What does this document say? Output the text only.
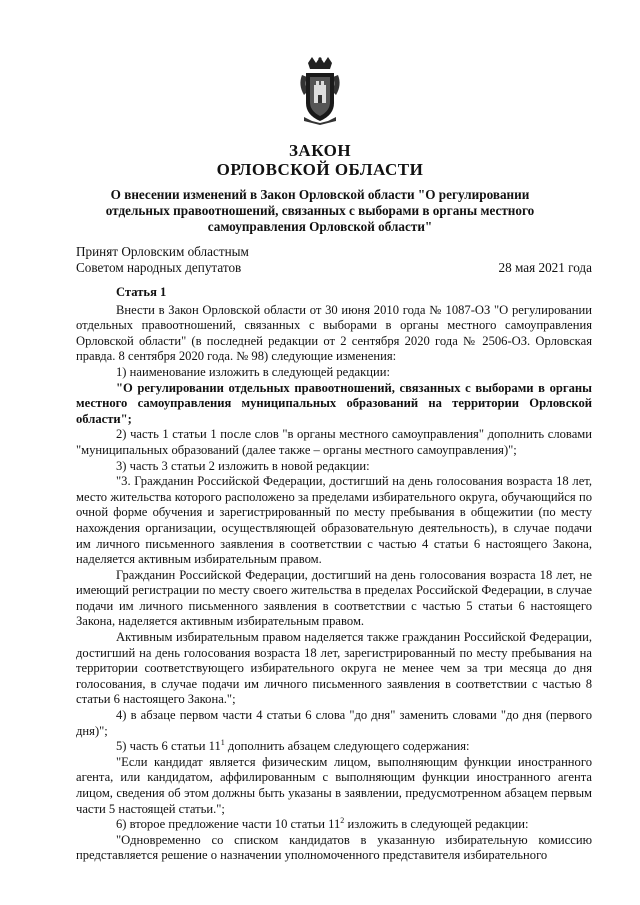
ЗАКОН
ОРЛОВСКОЙ ОБЛАСТИ
О внесении изменений в Закон Орловской области "О регулировании отдельных правоотношений, связанных с выборами в органы местного самоуправления Орловской области"
Принят Орловским областным
Советом народных депутатов	28 мая 2021 года

Статья 1

Внести в Закон Орловской области от 30 июня 2010 года № 1087-ОЗ "О регулировании отдельных правоотношений, связанных с выборами в органы местного самоуправления Орловской области" (в последней редакции от 2 сентября 2020 года № 2506-ОЗ. Орловская правда. 8 сентября 2020 года. № 98) следующие изменения:

1) наименование изложить в следующей редакции:

"О регулировании отдельных правоотношений, связанных с выборами в органы местного самоуправления муниципальных образований на территории Орловской области";

2) часть 1 статьи 1 после слов "в органы местного самоуправления" дополнить словами "муниципальных образований (далее также – органы местного самоуправления)";

3) часть 3 статьи 2 изложить в новой редакции:

"3. Гражданин Российской Федерации, достигший на день голосования возраста 18 лет, место жительства которого расположено за пределами избирательного округа, обучающийся по очной форме обучения и зарегистрированный по месту пребывания в общежитии (по месту нахождения организации, осуществляющей образовательную деятельность), в случае подачи им личного письменного заявления в соответствии с частью 4 статьи 6 настоящего Закона, наделяется активным избирательным правом.

Гражданин Российской Федерации, достигший на день голосования возраста 18 лет, не имеющий регистрации по месту своего жительства в пределах Российской Федерации, в случае подачи им личного письменного заявления в соответствии с частью 5 статьи 6 настоящего Закона, наделяется активным избирательным правом.

Активным избирательным правом наделяется также гражданин Российской Федерации, достигший на день голосования возраста 18 лет, зарегистрированный по месту пребывания на территории соответствующего избирательного округа не менее чем за три месяца до дня голосования, в случае подачи им личного письменного заявления в соответствии с частью 8 статьи 6 настоящего Закона.";

4) в абзаце первом части 4 статьи 6 слова "до дня" заменить словами "до дня (первого дня)";

5) часть 6 статьи $11^1$ дополнить абзацем следующего содержания:

"Если кандидат является физическим лицом, выполняющим функции иностранного агента, или кандидатом, аффилированным с выполняющим функции иностранного агента лицом, сведения об этом должны быть указаны в заявлении, предусмотренном абзацем первым части 5 настоящей статьи.";

6) второе предложение части 10 статьи $11^2$ изложить в следующей редакции:

"Одновременно со списком кандидатов в указанную избирательную комиссию представляется решение о назначении уполномоченного представителя избирательного
